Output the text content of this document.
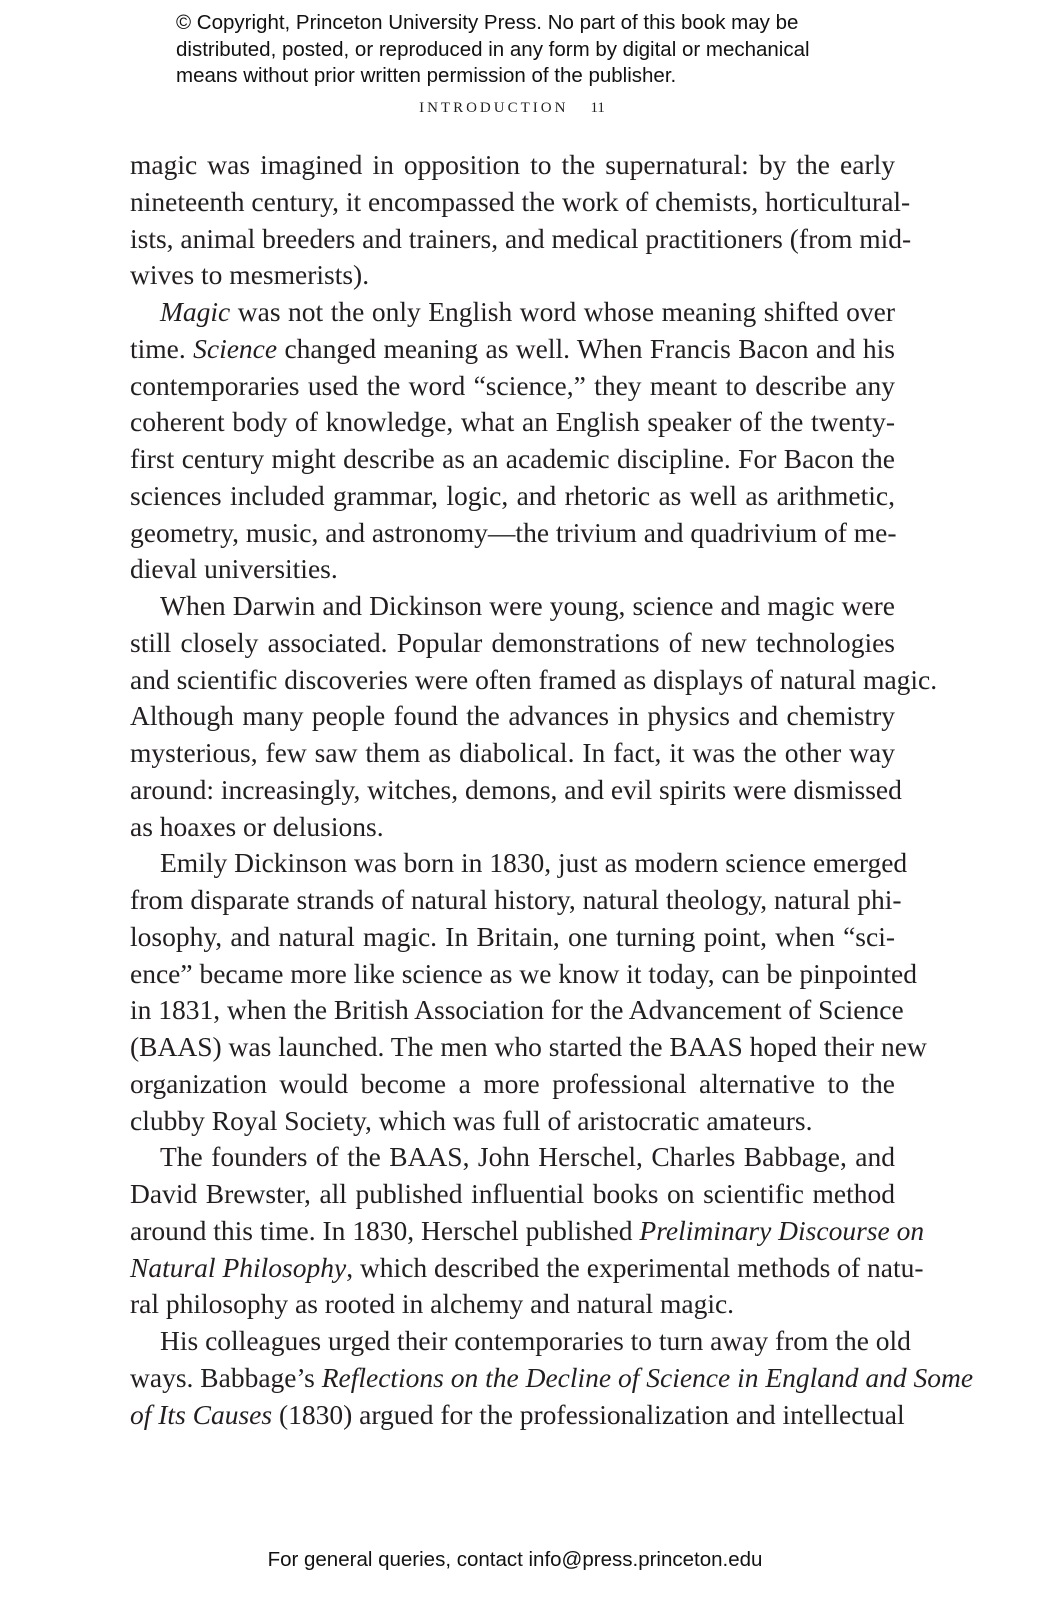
© Copyright, Princeton University Press. No part of this book may be
distributed, posted, or reproduced in any form by digital or mechanical
means without prior written permission of the publisher.
INTRODUCTION 11
magic was imagined in opposition to the supernatural: by the early
nineteenth century, it encompassed the work of chemists, horticultural-
ists, animal breeders and trainers, and medical practitioners (from mid-
wives to mesmerists).
Magic was not the only English word whose meaning shifted over
time. Science changed meaning as well. When Francis Bacon and his
contemporaries used the word “science,” they meant to describe any
coherent body of knowledge, what an English speaker of the twenty-
first century might describe as an academic discipline. For Bacon the
sciences included grammar, logic, and rhetoric as well as arithmetic,
geometry, music, and astronomy—the trivium and quadrivium of me-
dieval universities.
When Darwin and Dickinson were young, science and magic were
still closely associated. Popular demonstrations of new technologies
and scientific discoveries were often framed as displays of natural magic.
Although many people found the advances in physics and chemistry
mysterious, few saw them as diabolical. In fact, it was the other way
around: increasingly, witches, demons, and evil spirits were dismissed
as hoaxes or delusions.
Emily Dickinson was born in 1830, just as modern science emerged
from disparate strands of natural history, natural theology, natural phi-
losophy, and natural magic. In Britain, one turning point, when “sci-
ence” became more like science as we know it today, can be pinpointed
in 1831, when the British Association for the Advancement of Science
(BAAS) was launched. The men who started the BAAS hoped their new
organization would become a more professional alternative to the
clubby Royal Society, which was full of aristocratic amateurs.
The founders of the BAAS, John Herschel, Charles Babbage, and
David Brewster, all published influential books on scientific method
around this time. In 1830, Herschel published Preliminary Discourse on
Natural Philosophy, which described the experimental methods of natu-
ral philosophy as rooted in alchemy and natural magic.
His colleagues urged their contemporaries to turn away from the old
ways. Babbage’s Reflections on the Decline of Science in England and Some
of Its Causes (1830) argued for the professionalization and intellectual
For general queries, contact info@press.princeton.edu
